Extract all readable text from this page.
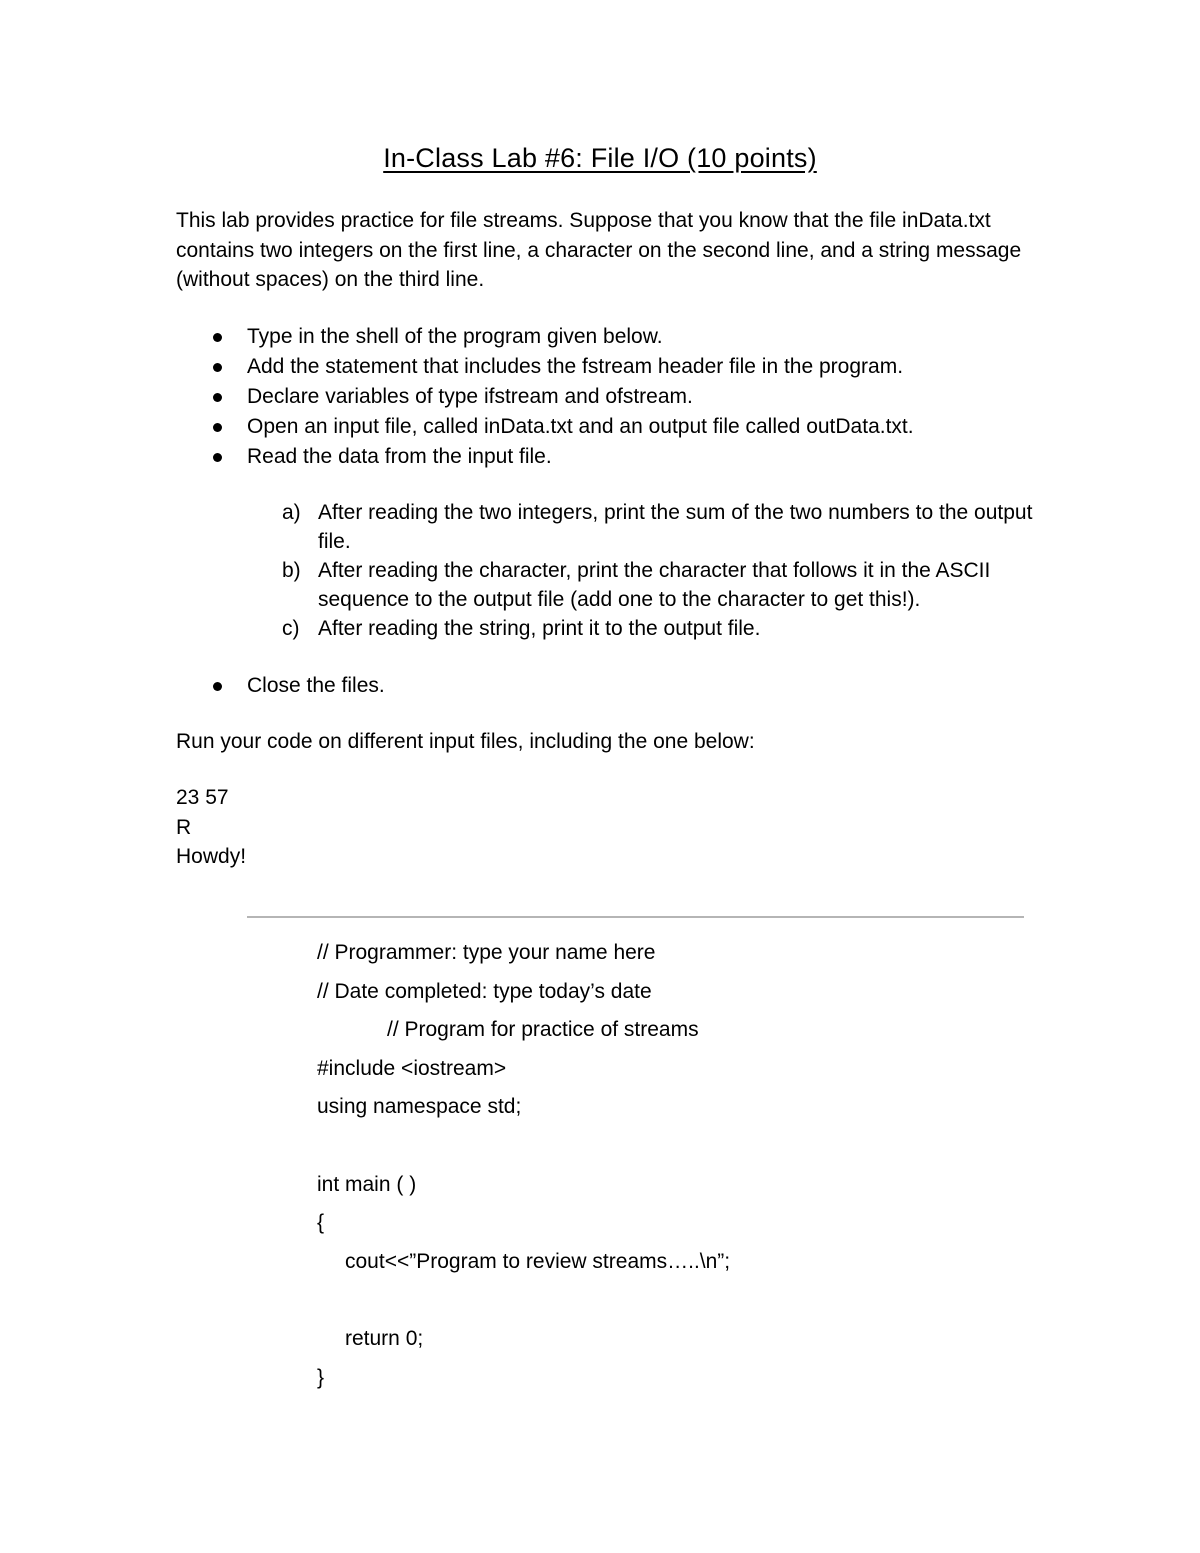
In-Class Lab #6: File I/O (10 points)

This lab provides practice for file streams. Suppose that you know that the file inData.txt contains two integers on the first line, a character on the second line, and a string message (without spaces) on the third line.

Type in the shell of the program given below.
Add the statement that includes the fstream header file in the program.
Declare variables of type ifstream and ofstream.
Open an input file, called inData.txt and an output file called outData.txt.
Read the data from the input file.
a) After reading the two integers, print the sum of the two numbers to the output file.
b) After reading the character, print the character that follows it in the ASCII sequence to the output file (add one to the character to get this!).
c) After reading the string, print it to the output file.
Close the files.

Run your code on different input files, including the one below:

23 57
R
Howdy!
// Programmer: type your name here
// Date completed: type today’s date
// Program for practice of streams
#include <iostream>
using namespace std;
int main ( )
{
cout<<”Program to review streams…..\n”;
return 0;
}
